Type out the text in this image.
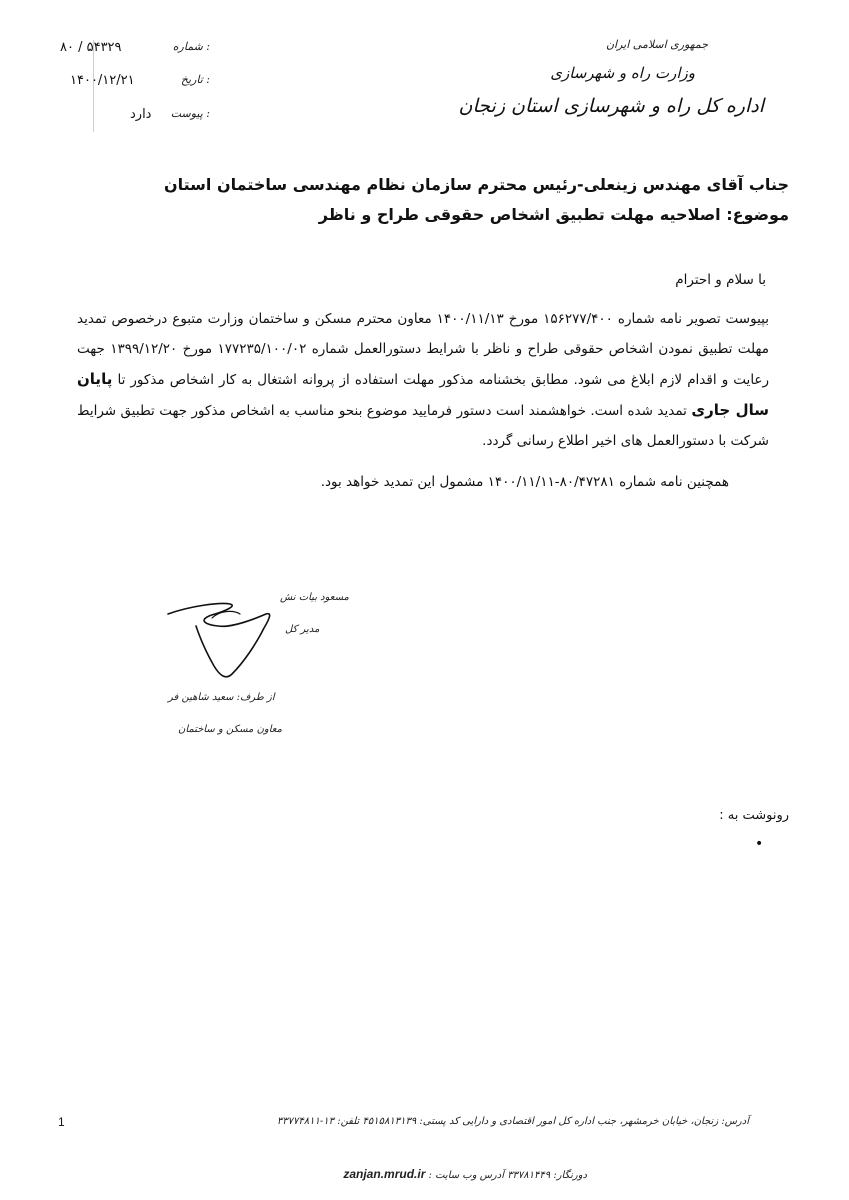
شماره :
۸۰ / ۵۴۳۲۹
تاریخ :
۱۴۰۰/۱۲/۲۱
پیوست :
دارد
جمهوری اسلامی ایران
وزارت راه و شهرسازی
اداره کل راه و شهرسازی استان زنجان
جناب آقای مهندس زینعلی-رئیس محترم سازمان نظام مهندسی ساختمان استان
موضوع: اصلاحیه مهلت تطبیق اشخاص حقوقی طراح و ناظر
با سلام و احترام
بپیوست تصویر نامه شماره ۱۵۶۲۷۷/۴۰۰ مورخ ۱۴۰۰/۱۱/۱۳ معاون محترم مسکن و ساختمان وزارت متبوع درخصوص تمدید مهلت تطبیق نمودن اشخاص حقوقی طراح و ناظر با شرایط دستورالعمل شماره ۱۷۷۲۳۵/۱۰۰/۰۲ مورخ ۱۳۹۹/۱۲/۲۰ جهت رعایت و اقدام لازم ابلاغ می شود. مطابق بخشنامه مذکور مهلت استفاده از پروانه اشتغال به کار اشخاص مذکور تا پایان سال جاری تمدید شده است. خواهشمند است دستور فرمایید موضوع بنحو مناسب به اشخاص مذکور جهت تطبیق شرایط شرکت با دستورالعمل های اخیر اطلاع رسانی گردد.
همچنین نامه شماره ۸۰/۴۷۲۸۱-۱۴۰۰/۱۱/۱۱ مشمول این تمدید خواهد بود.
مسعود بیات نش
مدیر کل
از طرف: سعید شاهین فر
معاون مسکن و ساختمان
رونوشت به :
•
1	آدرس: زنجان، خیابان خرمشهر، جنب اداره کل امور اقتصادی و دارایی کد پستی: ۴۵۱۵۸۱۳۱۳۹ تلفن: ۱۳-۳۳۷۷۴۸۱۱
دورنگار: ۳۳۷۸۱۴۴۹ آدرس وب سایت : zanjan.mrud.ir
